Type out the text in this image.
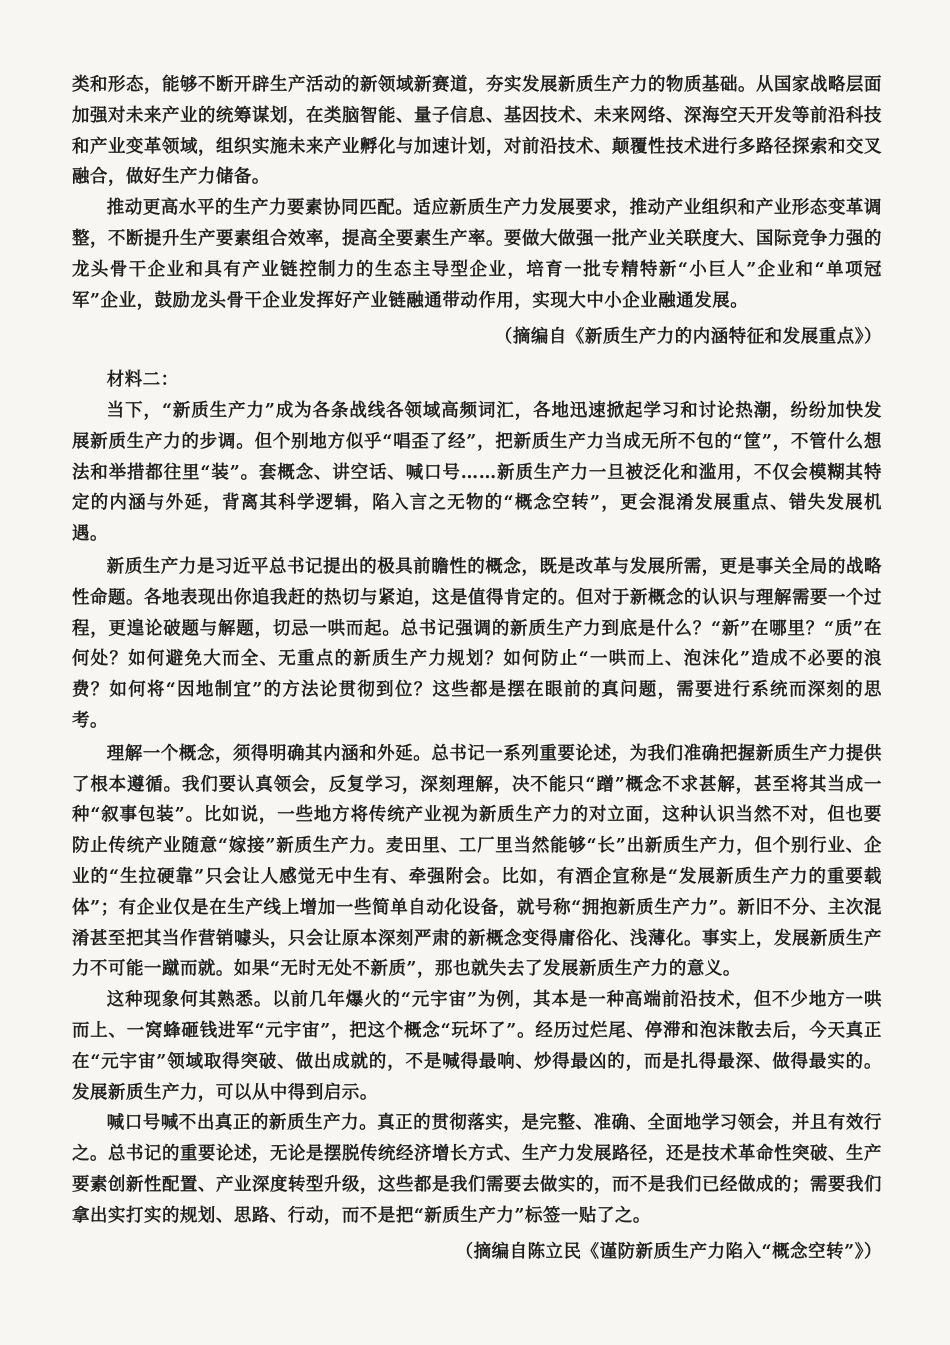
类和形态，能够不断开辟生产活动的新领域新赛道，夯实发展新质生产力的物质基础。从国家战略层面加强对未来产业的统筹谋划，在类脑智能、量子信息、基因技术、未来网络、深海空天开发等前沿科技和产业变革领域，组织实施未来产业孵化与加速计划，对前沿技术、颠覆性技术进行多路径探索和交叉融合，做好生产力储备。

推动更高水平的生产力要素协同匹配。适应新质生产力发展要求，推动产业组织和产业形态变革调整，不断提升生产要素组合效率，提高全要素生产率。要做大做强一批产业关联度大、国际竞争力强的龙头骨干企业和具有产业链控制力的生态主导型企业，培育一批专精特新“小巨人”企业和“单项冠军”企业，鼓励龙头骨干企业发挥好产业链融通带动作用，实现大中小企业融通发展。

（摘编自《新质生产力的内涵特征和发展重点》）

材料二：

当下，“新质生产力”成为各条战线各领域高频词汇，各地迅速掀起学习和讨论热潮，纷纷加快发展新质生产力的步调。但个别地方似乎“唱歪了经”，把新质生产力当成无所不包的“筐”，不管什么想法和举措都往里“装”。套概念、讲空话、喊口号……新质生产力一旦被泛化和滥用，不仅会模糊其特定的内涵与外延，背离其科学逻辑，陷入言之无物的“概念空转”，更会混淆发展重点、错失发展机遇。

新质生产力是习近平总书记提出的极具前瞻性的概念，既是改革与发展所需，更是事关全局的战略性命题。各地表现出你追我赶的热切与紧迫，这是值得肯定的。但对于新概念的认识与理解需要一个过程，更遑论破题与解题，切忌一哄而起。总书记强调的新质生产力到底是什么？“新”在哪里？“质”在何处？如何避免大而全、无重点的新质生产力规划？如何防止“一哄而上、泡沫化”造成不必要的浪费？如何将“因地制宜”的方法论贯彻到位？这些都是摆在眼前的真问题，需要进行系统而深刻的思考。

理解一个概念，须得明确其内涵和外延。总书记一系列重要论述，为我们准确把握新质生产力提供了根本遵循。我们要认真领会，反复学习，深刻理解，决不能只“蹭”概念不求甚解，甚至将其当成一种“叙事包装”。比如说，一些地方将传统产业视为新质生产力的对立面，这种认识当然不对，但也要防止传统产业随意“嫁接”新质生产力。麦田里、工厂里当然能够“长”出新质生产力，但个别行业、企业的“生拉硬靠”只会让人感觉无中生有、牵强附会。比如，有酒企宣称是“发展新质生产力的重要载体”；有企业仅是在生产线上增加一些简单自动化设备，就号称“拥抱新质生产力”。新旧不分、主次混淆甚至把其当作营销噱头，只会让原本深刻严肃的新概念变得庸俗化、浅薄化。事实上，发展新质生产力不可能一蹴而就。如果“无时无处不新质”，那也就失去了发展新质生产力的意义。

这种现象何其熟悉。以前几年爆火的“元宇宙”为例，其本是一种高端前沿技术，但不少地方一哄而上、一窝蜂砸钱进军“元宇宙”，把这个概念“玩坏了”。经历过烂尾、停滞和泡沫散去后，今天真正在“元宇宙”领域取得突破、做出成就的，不是喊得最响、炒得最凶的，而是扎得最深、做得最实的。发展新质生产力，可以从中得到启示。

喊口号喊不出真正的新质生产力。真正的贯彻落实，是完整、准确、全面地学习领会，并且有效行之。总书记的重要论述，无论是摆脱传统经济增长方式、生产力发展路径，还是技术革命性突破、生产要素创新性配置、产业深度转型升级，这些都是我们需要去做实的，而不是我们已经做成的；需要我们拿出实打实的规划、思路、行动，而不是把“新质生产力”标签一贴了之。

（摘编自陈立民《谨防新质生产力陷入“概念空转”》）
